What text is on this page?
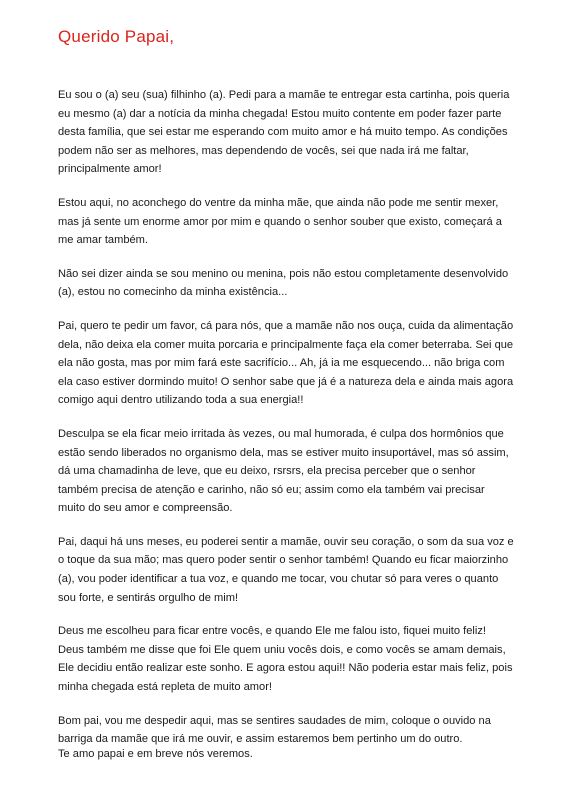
Querido Papai,

Eu sou o (a) seu (sua) filhinho (a). Pedi para a mamãe te entregar esta cartinha, pois queria eu mesmo (a) dar a notícia da minha chegada! Estou muito contente em poder fazer parte desta família, que sei estar me esperando com muito amor e há muito tempo. As condições podem não ser as melhores, mas dependendo de vocês, sei que nada irá me faltar, principalmente amor!

Estou aqui, no aconchego do ventre da minha mãe, que ainda não pode me sentir mexer, mas já sente um enorme amor por mim e quando o senhor souber que existo, começará a me amar também.

Não sei dizer ainda se sou menino ou menina, pois não estou completamente desenvolvido (a), estou no comecinho da minha existência...

Pai, quero te pedir um favor, cá para nós, que a mamãe não nos ouça, cuida da alimentação dela, não deixa ela comer muita porcaria e principalmente faça ela comer beterraba. Sei que ela não gosta, mas por mim fará este sacrifício... Ah, já ia me esquecendo... não briga com ela caso estiver dormindo muito! O senhor sabe que já é a natureza dela e ainda mais agora comigo aqui dentro utilizando toda a sua energia!!

Desculpa se ela ficar meio irritada às vezes, ou mal humorada, é culpa dos hormônios que estão sendo liberados no organismo dela, mas se estiver muito insuportável, mas só assim, dá uma chamadinha de leve, que eu deixo, rsrsrs, ela precisa perceber que o senhor também precisa de atenção e carinho, não só eu; assim como ela também vai precisar muito do seu amor e compreensão.

Pai, daqui há uns meses, eu poderei sentir a mamãe, ouvir seu coração, o som da sua voz e o toque da sua mão; mas quero poder sentir o senhor também! Quando eu ficar maiorzinho (a), vou poder identificar a tua voz, e quando me tocar, vou chutar só para veres o quanto sou forte, e sentirás orgulho de mim!

Deus me escolheu para ficar entre vocês, e quando Ele me falou isto, fiquei muito feliz! Deus também me disse que foi Ele quem uniu vocês dois, e como vocês se amam demais, Ele decidiu então realizar este sonho. E agora estou aqui!! Não poderia estar mais feliz, pois minha chegada está repleta de muito amor!

Bom pai, vou me despedir aqui, mas se sentires saudades de mim, coloque o ouvido na barriga da mamãe que irá me ouvir, e assim estaremos bem pertinho um do outro.

Te amo papai e em breve nós veremos.
